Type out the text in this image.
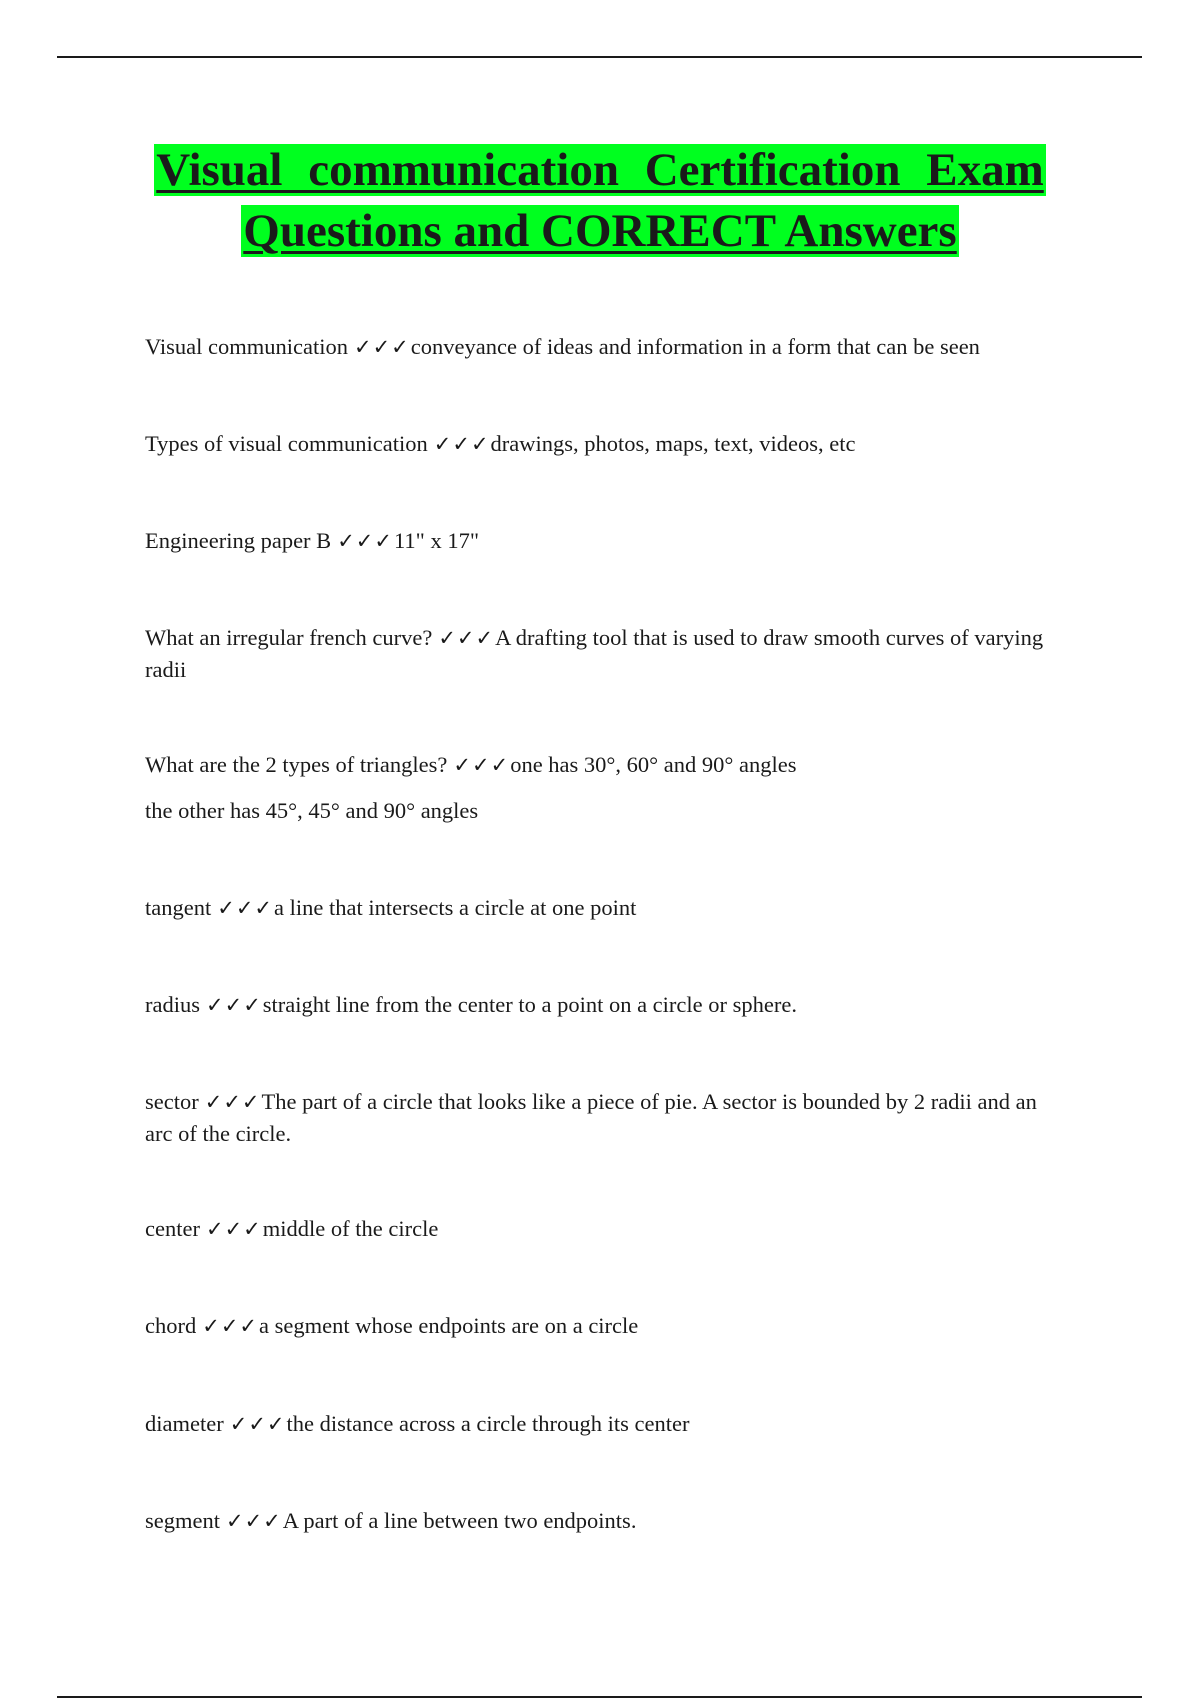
Visual communication Certification Exam
Questions and CORRECT Answers
Visual communication ✓✓✓conveyance of ideas and information in a form that can be seen
Types of visual communication ✓✓✓drawings, photos, maps, text, videos, etc
Engineering paper B ✓✓✓11" x 17"
What an irregular french curve? ✓✓✓A drafting tool that is used to draw smooth curves of varying radii
What are the 2 types of triangles? ✓✓✓one has 30°, 60° and 90° angles
the other has 45°, 45° and 90° angles
tangent ✓✓✓a line that intersects a circle at one point
radius ✓✓✓straight line from the center to a point on a circle or sphere.
sector ✓✓✓The part of a circle that looks like a piece of pie. A sector is bounded by 2 radii and an arc of the circle.
center ✓✓✓middle of the circle
chord ✓✓✓a segment whose endpoints are on a circle
diameter ✓✓✓the distance across a circle through its center
segment ✓✓✓A part of a line between two endpoints.
